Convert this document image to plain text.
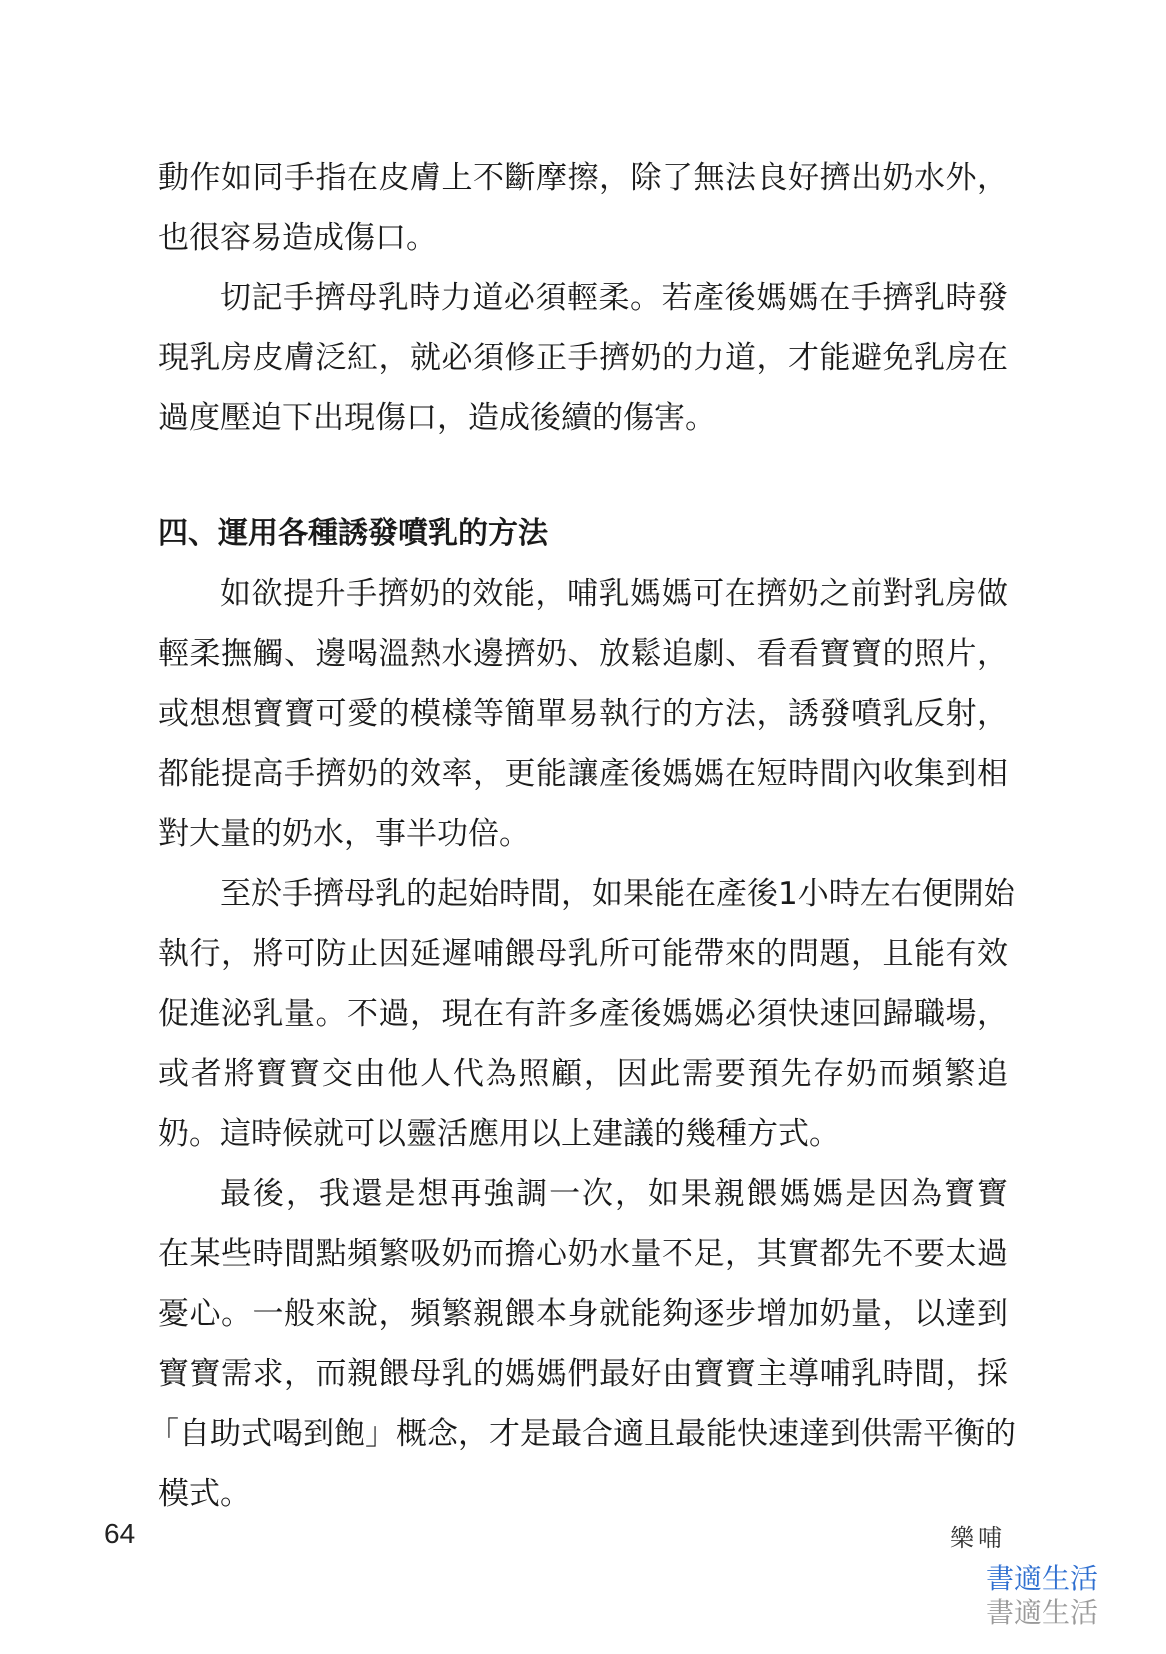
動作如同手指在皮膚上不斷摩擦，除了無法良好擠出奶水外，
也很容易造成傷口。
切記手擠母乳時力道必須輕柔。若產後媽媽在手擠乳時發
現乳房皮膚泛紅，就必須修正手擠奶的力道，才能避免乳房在
過度壓迫下出現傷口，造成後續的傷害。
四、運用各種誘發噴乳的方法
如欲提升手擠奶的效能，哺乳媽媽可在擠奶之前對乳房做
輕柔撫觸、邊喝溫熱水邊擠奶、放鬆追劇、看看寶寶的照片，
或想想寶寶可愛的模樣等簡單易執行的方法，誘發噴乳反射，
都能提高手擠奶的效率，更能讓產後媽媽在短時間內收集到相
對大量的奶水，事半功倍。
至於手擠母乳的起始時間，如果能在產後1小時左右便開始
執行，將可防止因延遲哺餵母乳所可能帶來的問題，且能有效
促進泌乳量。不過，現在有許多產後媽媽必須快速回歸職場，
或者將寶寶交由他人代為照顧，因此需要預先存奶而頻繁追
奶。這時候就可以靈活應用以上建議的幾種方式。
最後，我還是想再強調一次，如果親餵媽媽是因為寶寶
在某些時間點頻繁吸奶而擔心奶水量不足，其實都先不要太過
憂心。一般來說，頻繁親餵本身就能夠逐步增加奶量，以達到
寶寶需求，而親餵母乳的媽媽們最好由寶寶主導哺乳時間，採
「自助式喝到飽」概念，才是最合適且最能快速達到供需平衡的
模式。
64	樂哺
書適生活
書適生活
